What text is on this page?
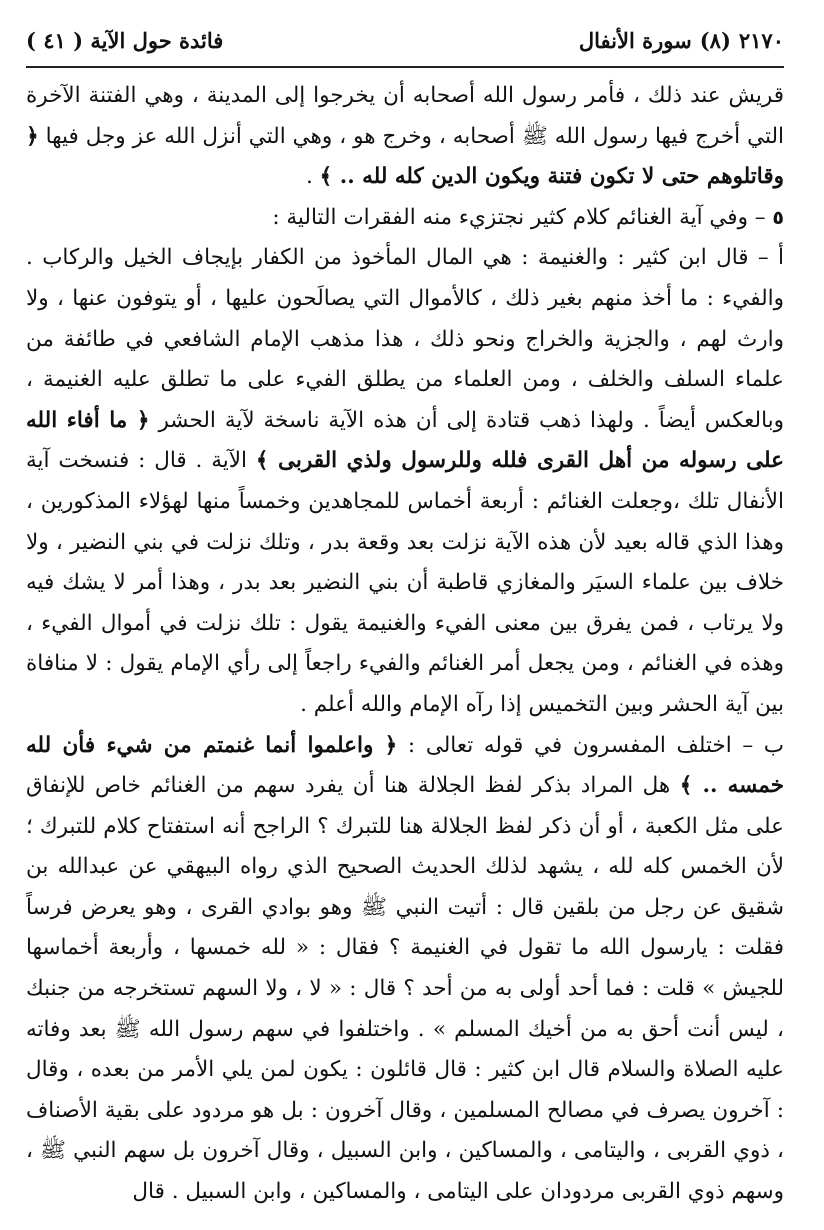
٢١٧٠
(٨)
سورة الأنفال
فائدة حول الآية ( ٤١ )

قريش عند ذلك ، فأمر رسول الله أصحابه أن يخرجوا إلى المدينة ، وهي الفتنة الآخرة التي أخرج فيها رسول الله ﷺ أصحابه ، وخرج هو ، وهي التي أنزل الله عز وجل فيها ﴿ وقاتلوهم حتى لا تكون فتنة ويكون الدين كله لله .. ﴾ .

٥ – وفي آية الغنائم كلام كثير نجتزيء منه الفقرات التالية :

أ – قال ابن كثير : والغنيمة : هي المال المأخوذ من الكفار بإيجاف الخيل والركاب . والفيء : ما أخذ منهم بغير ذلك ، كالأموال التي يصالَحون عليها ، أو يتوفون عنها ، ولا وارث لهم ، والجزية والخراج ونحو ذلك ، هذا مذهب الإمام الشافعي في طائفة من علماء السلف والخلف ، ومن العلماء من يطلق الفيء على ما تطلق عليه الغنيمة ، وبالعكس أيضاً . ولهذا ذهب قتادة إلى أن هذه الآية ناسخة لآية الحشر ﴿ ما أفاء الله على رسوله من أهل القرى فلله وللرسول ولذي القربى ﴾ الآية . قال : فنسخت آية الأنفال تلك ،وجعلت الغنائم : أربعة أخماس للمجاهدين وخمساً منها لهؤلاء المذكورين ، وهذا الذي قاله بعيد لأن هذه الآية نزلت بعد وقعة بدر ، وتلك نزلت في بني النضير ، ولا خلاف بين علماء السيَر والمغازي قاطبة أن بني النضير بعد بدر ، وهذا أمر لا يشك فيه ولا يرتاب ، فمن يفرق بين معنى الفيء والغنيمة يقول : تلك نزلت في أموال الفيء ، وهذه في الغنائم ، ومن يجعل أمر الغنائم والفيء راجعاً إلى رأي الإمام يقول : لا منافاة بين آية الحشر وبين التخميس إذا رآه الإمام والله أعلم .

ب – اختلف المفسرون في قوله تعالى : ﴿ واعلموا أنما غنمتم من شيء فأن لله خمسه .. ﴾ هل المراد بذكر لفظ الجلالة هنا أن يفرد سهم من الغنائم خاص للإنفاق على مثل الكعبة ، أو أن ذكر لفظ الجلالة هنا للتبرك ؟ الراجح أنه استفتاح كلام للتبرك ؛ لأن الخمس كله لله ، يشهد لذلك الحديث الصحيح الذي رواه البيهقي عن عبدالله بن شقيق عن رجل من بلقين قال : أتيت النبي ﷺ وهو بوادي القرى ، وهو يعرض فرساً فقلت : يارسول الله ما تقول في الغنيمة ؟ فقال : « لله خمسها ، وأربعة أخماسها للجيش » قلت : فما أحد أولى به من أحد ؟ قال : « لا ، ولا السهم تستخرجه من جنبك ، ليس أنت أحق به من أخيك المسلم » . واختلفوا في سهم رسول الله ﷺ بعد وفاته عليه الصلاة والسلام قال ابن كثير : قال قائلون : يكون لمن يلي الأمر من بعده ، وقال : آخرون يصرف في مصالح المسلمين ، وقال آخرون : بل هو مردود على بقية الأصناف ، ذوي القربى ، واليتامى ، والمساكين ، وابن السبيل ، وقال آخرون بل سهم النبي ﷺ ، وسهم ذوي القربى مردودان على اليتامى ، والمساكين ، وابن السبيل . قال
